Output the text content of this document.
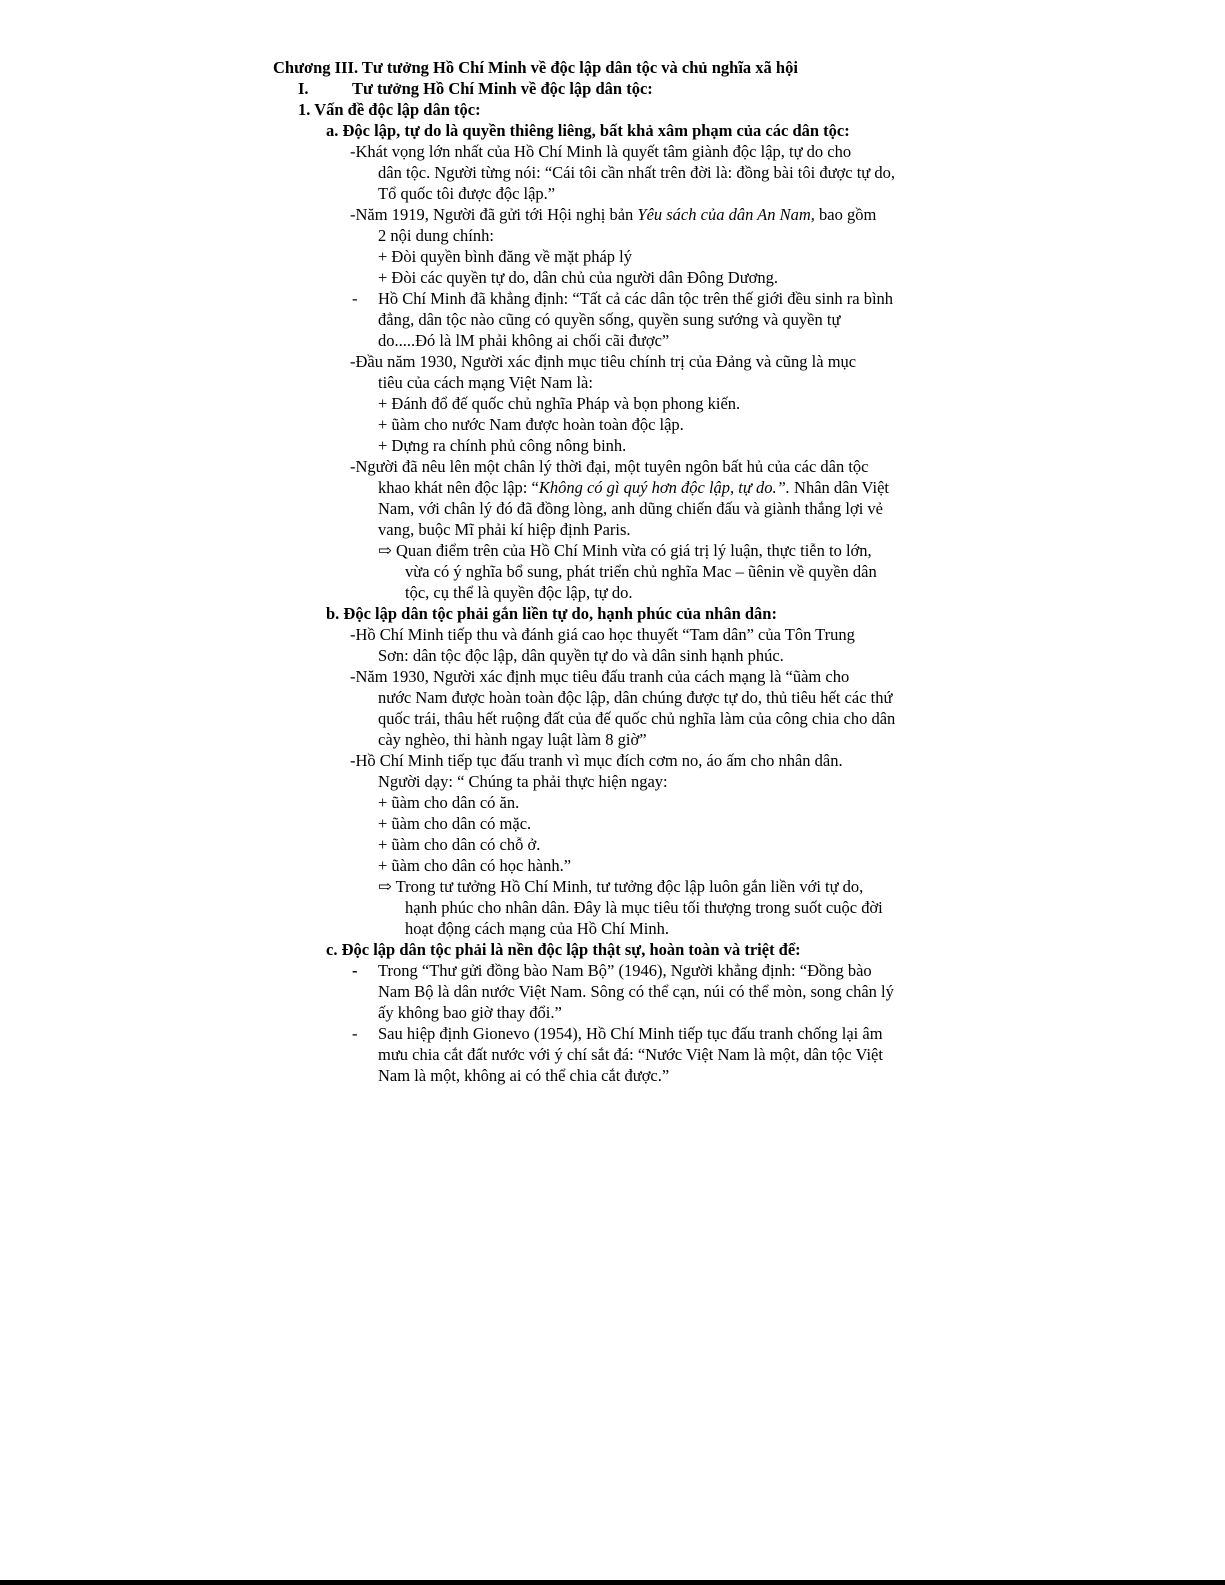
Chương III. Tư tưởng Hồ Chí Minh về độc lập dân tộc và chủ nghĩa xã hội
I.	Tư tưởng Hồ Chí Minh về độc lập dân tộc:
1. Vấn đề độc lập dân tộc:
a. Độc lập, tự do là quyền thiêng liêng, bất khả xâm phạm của các dân tộc:
-Khát vọng lớn nhất của Hồ Chí Minh là quyết tâm giành độc lập, tự do cho
dân tộc. Người từng nói: “Cái tôi cần nhất trên đời là: đồng bài tôi được tự do,
Tổ quốc tôi được độc lập.”
-Năm 1919, Người đã gửi tới Hội nghị bản Yêu sách của dân An Nam, bao gồm
2 nội dung chính:
+ Đòi quyền bình đăng về mặt pháp lý
+ Đòi các quyền tự do, dân chủ của người dân Đông Dương.
- Hồ Chí Minh đã khẳng định: “Tất cả các dân tộc trên thế giới đều sinh ra bình
đẳng, dân tộc nào cũng có quyền sống, quyền sung sướng và quyền tự
do.....Đó là lM phải không ai chối cãi được”
-Đầu năm 1930, Người xác định mục tiêu chính trị của Đảng và cũng là mục
tiêu của cách mạng Việt Nam là:
+ Đánh đổ đế quốc chủ nghĩa Pháp và bọn phong kiến.
+ ũàm cho nước Nam được hoàn toàn độc lập.
+ Dựng ra chính phủ công nông binh.
-Người đã nêu lên một chân lý thời đại, một tuyên ngôn bất hủ của các dân tộc
khao khát nên độc lập: “Không có gì quý hơn độc lập, tự do.”. Nhân dân Việt
Nam, với chân lý đó đã đồng lòng, anh dũng chiến đấu và giành thắng lợi vẻ
vang, buộc Mĩ phải kí hiệp định Paris.
⇨ Quan điểm trên của Hồ Chí Minh vừa có giá trị lý luận, thực tiễn to lớn,
vừa có ý nghĩa bổ sung, phát triển chủ nghĩa Mac – ũênin về quyền dân
tộc, cụ thể là quyền độc lập, tự do.
b. Độc lập dân tộc phải gắn liền tự do, hạnh phúc của nhân dân:
-Hồ Chí Minh tiếp thu và đánh giá cao học thuyết “Tam dân” của Tôn Trung
Sơn: dân tộc độc lập, dân quyền tự do và dân sinh hạnh phúc.
-Năm 1930, Người xác định mục tiêu đấu tranh của cách mạng là “ũàm cho
nước Nam được hoàn toàn độc lập, dân chúng được tự do, thủ tiêu hết các thứ
quốc trái, thâu hết ruộng đất của đế quốc chủ nghĩa làm của công chia cho dân
cày nghèo, thi hành ngay luật làm 8 giờ”
-Hồ Chí Minh tiếp tục đấu tranh vì mục đích cơm no, áo ấm cho nhân dân.
Người dạy: “ Chúng ta phải thực hiện ngay:
+ ũàm cho dân có ăn.
+ ũàm cho dân có mặc.
+ ũàm cho dân có chỗ ở.
+ ũàm cho dân có học hành.”
⇨ Trong tư tưởng Hồ Chí Minh, tư tưởng độc lập luôn gắn liền với tự do,
hạnh phúc cho nhân dân. Đây là mục tiêu tối thượng trong suốt cuộc đời
hoạt động cách mạng của Hồ Chí Minh.
c. Độc lập dân tộc phải là nền độc lập thật sự, hoàn toàn và triệt để:
- Trong “Thư gửi đồng bào Nam Bộ” (1946), Người khẳng định: “Đồng bào
Nam Bộ là dân nước Việt Nam. Sông có thể cạn, núi có thể mòn, song chân lý
ấy không bao giờ thay đổi.”
- Sau hiệp định Gionevo (1954), Hồ Chí Minh tiếp tục đấu tranh chống lại âm
mưu chia cắt đất nước với ý chí sắt đá: “Nước Việt Nam là một, dân tộc Việt
Nam là một, không ai có thể chia cắt được.”
